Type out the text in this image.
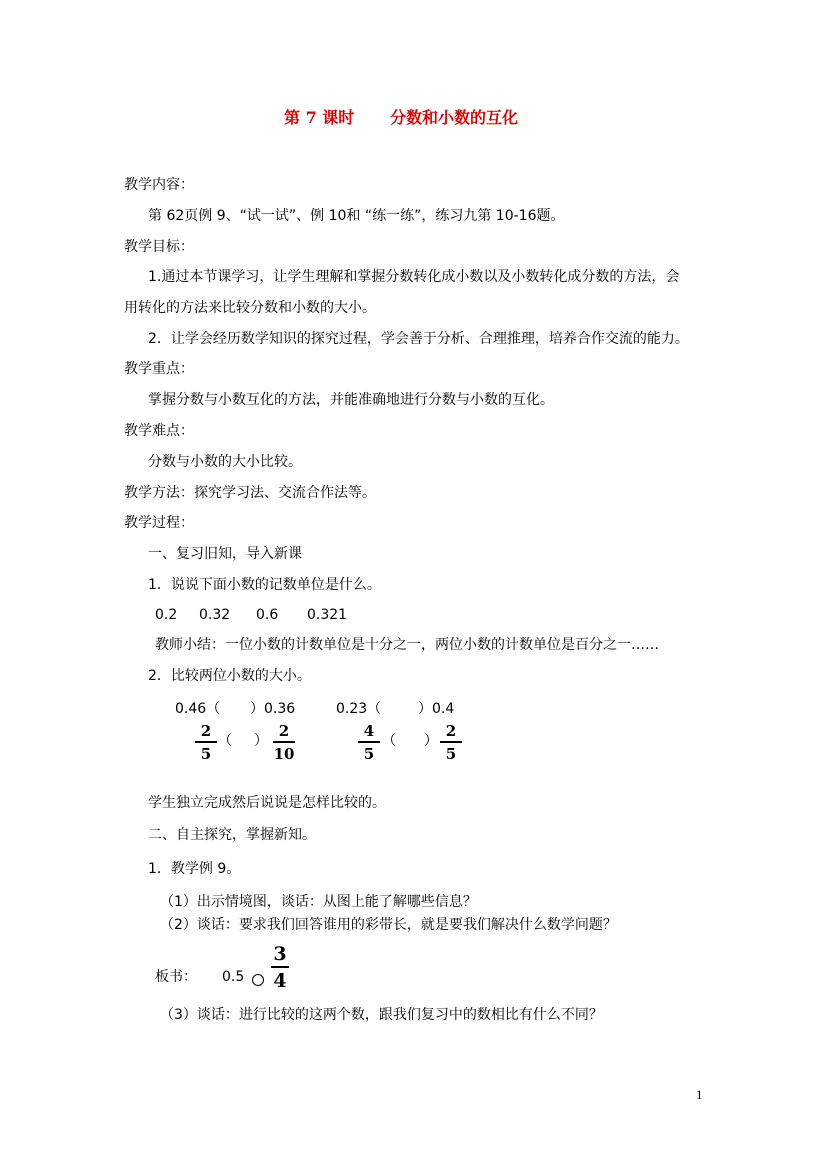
第 7 课时 分数和小数的互化
教学内容：
第 62页例 9、“试一试”、例 10和 “练一练”，练习九第 10-16题。
教学目标：
1.通过本节课学习，让学生理解和掌握分数转化成小数以及小数转化成分数的方法，会
用转化的方法来比较分数和小数的大小。
2．让学会经历数学知识的探究过程，学会善于分析、合理推理，培养合作交流的能力。
教学重点：
掌握分数与小数互化的方法，并能准确地进行分数与小数的互化。
教学难点：
分数与小数的大小比较。
教学方法：探究学习法、交流合作法等。
教学过程：
一、复习旧知，导入新课
1．说说下面小数的记数单位是什么。
0.2 0.32 0.6 0.321
教师小结：一位小数的计数单位是十分之一，两位小数的计数单位是百分之一……
2．比较两位小数的大小。
0.46（ ）0.36	0.23（	）0.4
2
5
（ ）
2
10
4
5
（ ）
2
5
学生独立完成然后说说是怎样比较的。
二、自主探究，掌握新知。
1．教学例 9。
（1）出示情境图，谈话：从图上能了解哪些信息？
（2）谈话：要求我们回答谁用的彩带长，就是要我们解决什么数学问题？
板书： 0.5
3
4
（3）谈话：进行比较的这两个数，跟我们复习中的数相比有什么不同？
1
